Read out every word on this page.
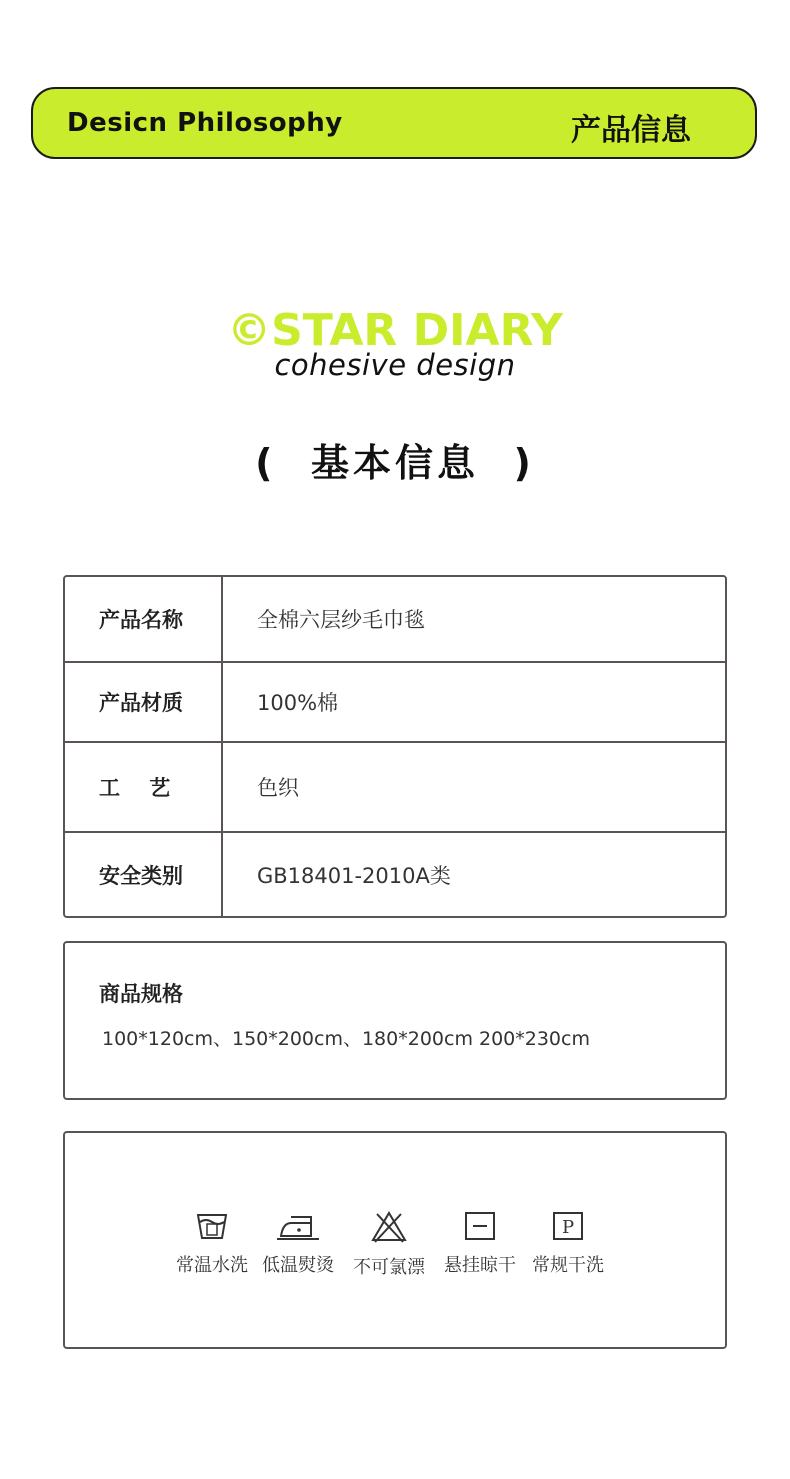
Desicn Philosophy	产品信息
©STAR DIARY
cohesive design
(  基本信息  )
产品名称	全棉六层纱毛巾毯
产品材质	100%棉
工    艺	色织
安全类别	GB18401-2010A类
商品规格
100*120cm、150*200cm、180*200cm 200*230cm
常温水洗 低温熨烫	不可氯漂	悬挂晾干
P
常规干洗
